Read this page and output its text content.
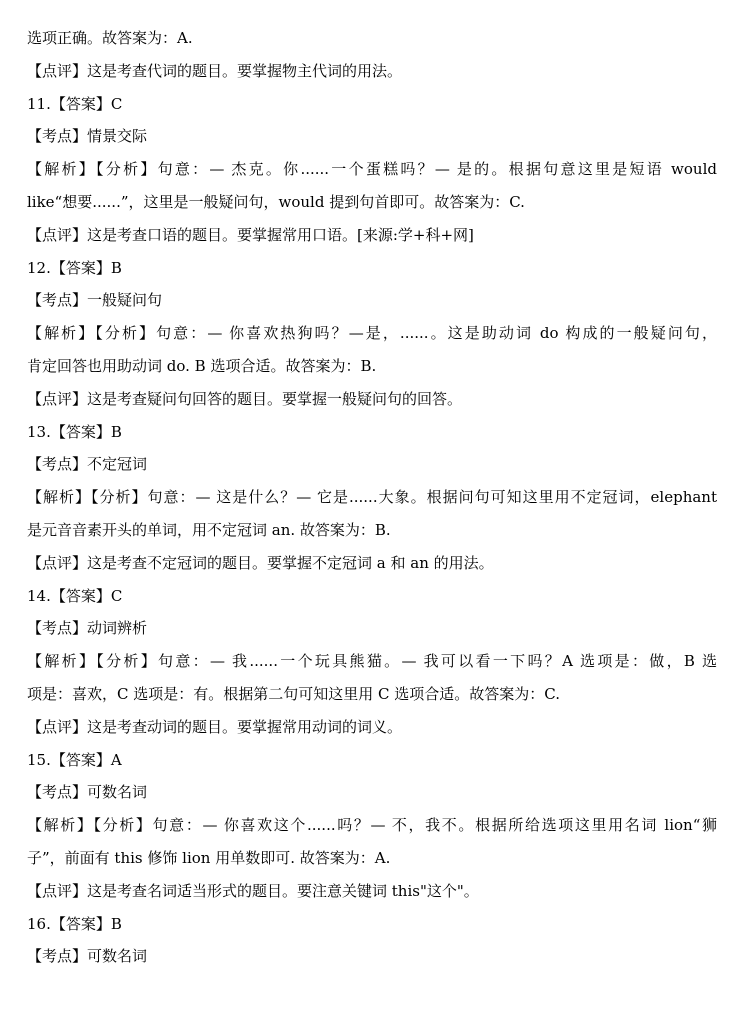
选项正确。故答案为：A.
【点评】这是考查代词的题目。要掌握物主代词的用法。
11.【答案】C
【考点】情景交际
【解析】【分析】句意：— 杰克。你......一个蛋糕吗？— 是的。根据句意这里是短语 would
like“想要......”，这里是一般疑问句，would 提到句首即可。故答案为：C.
【点评】这是考查口语的题目。要掌握常用口语。[来源:学+科+网]
12.【答案】B
【考点】一般疑问句
【解析】【分析】句意：— 你喜欢热狗吗？—是，......。这是助动词 do 构成的一般疑问句，
肯定回答也用助动词 do. B 选项合适。故答案为：B.
【点评】这是考查疑问句回答的题目。要掌握一般疑问句的回答。
13.【答案】B
【考点】不定冠词
【解析】【分析】句意：— 这是什么？— 它是......大象。根据问句可知这里用不定冠词，elephant
是元音音素开头的单词，用不定冠词 an. 故答案为：B.
【点评】这是考查不定冠词的题目。要掌握不定冠词 a 和 an 的用法。
14.【答案】C
【考点】动词辨析
【解析】【分析】句意：— 我......一个玩具熊猫。— 我可以看一下吗？A 选项是：做，B 选
项是：喜欢，C 选项是：有。根据第二句可知这里用 C 选项合适。故答案为：C.
【点评】这是考查动词的题目。要掌握常用动词的词义。
15.【答案】A
【考点】可数名词
【解析】【分析】句意：— 你喜欢这个......吗？— 不，我不。根据所给选项这里用名词 lion“狮
子”，前面有 this 修饰 lion 用单数即可. 故答案为：A.
【点评】这是考查名词适当形式的题目。要注意关键词 this"这个"。
16.【答案】B
【考点】可数名词
